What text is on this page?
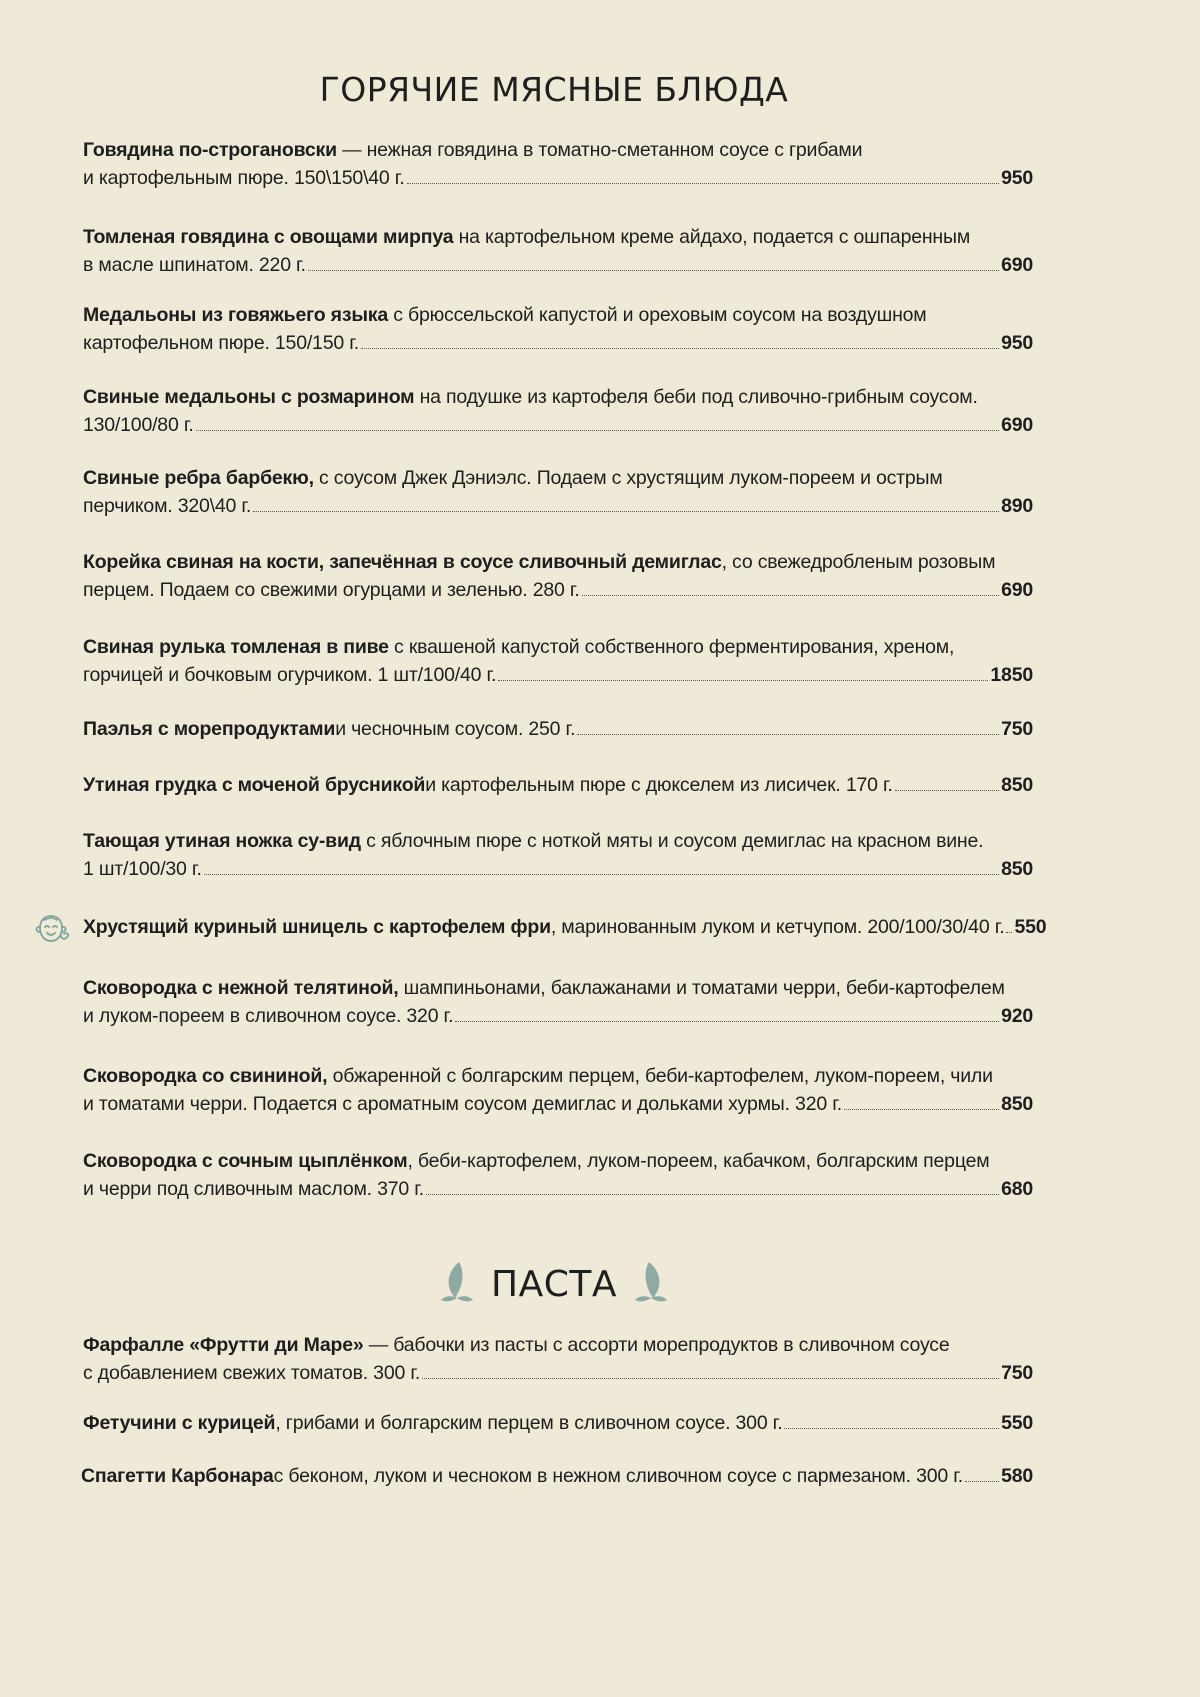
ГОРЯЧИЕ МЯСНЫЕ БЛЮДА
Говядина по-строгановски — нежная говядина в томатно-сметанном соусе с грибами
и картофельным пюре. 150\150\40 г.	950
Томленая говядина с овощами мирпуа на картофельном креме айдахо, подается с ошпаренным
в масле шпинатом. 220 г.	690
Медальоны из говяжьего языка с брюссельской капустой и ореховым соусом на воздушном
картофельном пюре. 150/150 г.	950
Свиные медальоны с розмарином на подушке из картофеля беби под сливочно-грибным соусом.
130/100/80 г.	690
Свиные ребра барбекю, с соусом Джек Дэниэлс. Подаем с хрустящим луком-пореем и острым
перчиком. 320\40 г.	890
Корейка свиная на кости, запечённая в соусе сливочный демиглас, со свежедробленым розовым
перцем. Подаем со свежими огурцами и зеленью. 280 г.	690
Свиная рулька томленая в пиве с квашеной капустой собственного ферментирования, хреном,
горчицей и бочковым огурчиком. 1 шт/100/40 г.	1850
Паэлья с морепродуктами и чесночным соусом. 250 г.	750
Утиная грудка с моченой брусникой и картофельным пюре с дюкселем из лисичек. 170 г.	850
Тающая утиная ножка су-вид с яблочным пюре с ноткой мяты и соусом демиглас на красном вине.
1 шт/100/30 г.	850
Хрустящий куриный шницель с картофелем фри , маринованным луком и кетчупом. 200/100/30/40 г. 550
Сковородка с нежной телятиной, шампиньонами, баклажанами и томатами черри, беби-картофелем
и луком-пореем в сливочном соусе. 320 г.	920
Сковородка со свининой, обжаренной с болгарским перцем, беби-картофелем, луком-пореем, чили
и томатами черри. Подается с ароматным соусом демиглас и дольками хурмы. 320 г.	850
Сковородка с сочным цыплёнком, беби-картофелем, луком-пореем, кабачком, болгарским перцем
и черри под сливочным маслом. 370 г.	680
ПАСТА
Фарфалле «Фрутти ди Маре» — бабочки из пасты с ассорти морепродуктов в сливочном соусе
с добавлением свежих томатов. 300 г.	750
Фетучини с курицей , грибами и болгарским перцем в сливочном соусе. 300 г.	550
Спагетти Карбонара с беконом, луком и чесноком в нежном сливочном соусе с пармезаном. 300 г. 580
